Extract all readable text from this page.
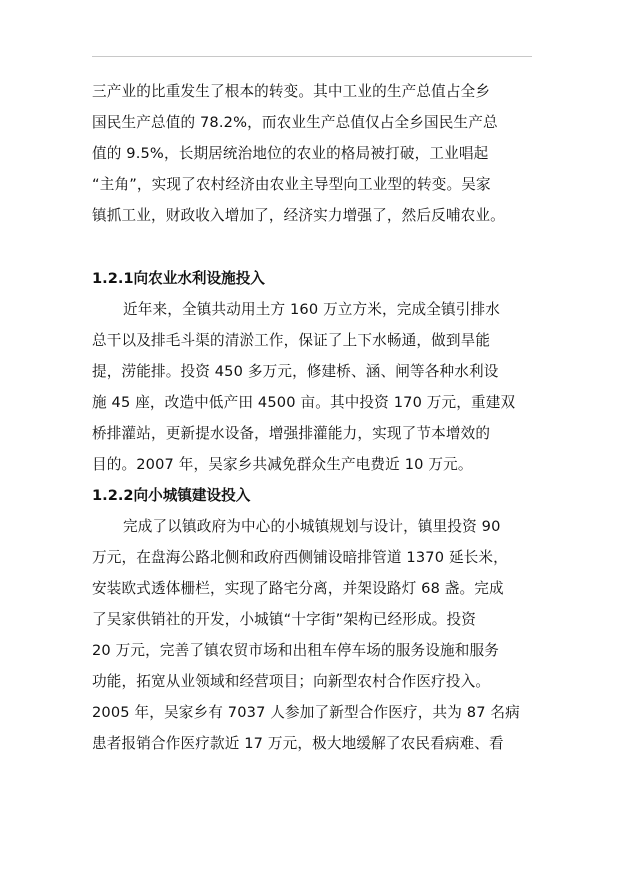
三产业的比重发生了根本的转变。其中工业的生产总值占全乡
国民生产总值的 78.2%，而农业生产总值仅占全乡国民生产总
值的 9.5%，长期居统治地位的农业的格局被打破，工业唱起
“主角”，实现了农村经济由农业主导型向工业型的转变。吴家
镇抓工业，财政收入增加了，经济实力增强了，然后反哺农业。
1.2.1向农业水利设施投入
近年来，全镇共动用土方 160 万立方米，完成全镇引排水
总干以及排毛斗渠的清淤工作，保证了上下水畅通，做到旱能
提，涝能排。投资 450 多万元，修建桥、涵、闸等各种水利设
施 45 座，改造中低产田 4500 亩。其中投资 170 万元，重建双
桥排灌站，更新提水设备，增强排灌能力，实现了节本增效的
目的。2007 年，吴家乡共减免群众生产电费近 10 万元。
1.2.2向小城镇建设投入
完成了以镇政府为中心的小城镇规划与设计，镇里投资 90
万元，在盘海公路北侧和政府西侧铺设暗排管道 1370 延长米，
安装欧式透体栅栏，实现了路宅分离，并架设路灯 68 盏。完成
了吴家供销社的开发，小城镇“十字街”架构已经形成。投资
20 万元，完善了镇农贸市场和出租车停车场的服务设施和服务
功能，拓宽从业领域和经营项目；向新型农村合作医疗投入。
2005 年，吴家乡有 7037 人参加了新型合作医疗，共为 87 名病
患者报销合作医疗款近 17 万元，极大地缓解了农民看病难、看
